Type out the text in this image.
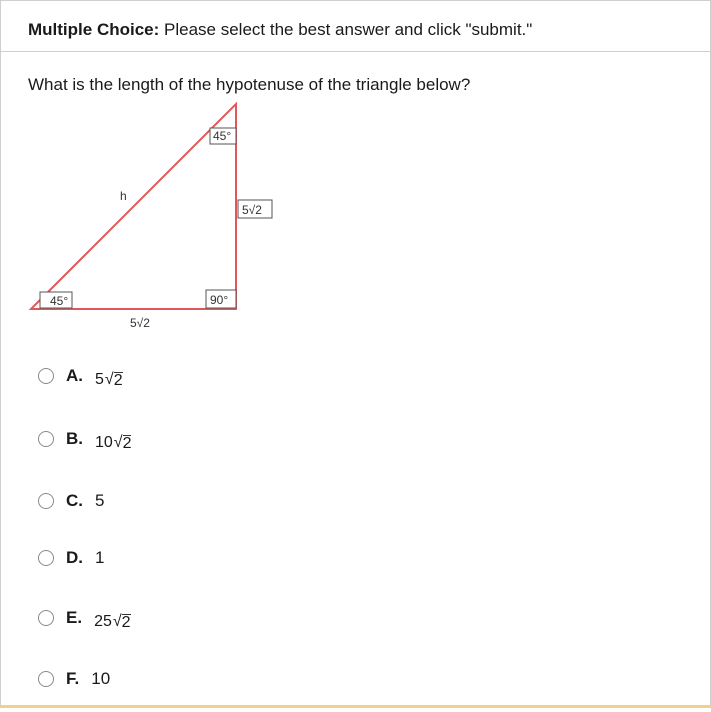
Multiple Choice: Please select the best answer and click "submit."
What is the length of the hypotenuse of the triangle below?
45°
45°	90°
5√2
h
5√2
A. 5 √ 2
B. 10 √ 2
C. 5
D. 1
E. 25 √ 2
F. 10
